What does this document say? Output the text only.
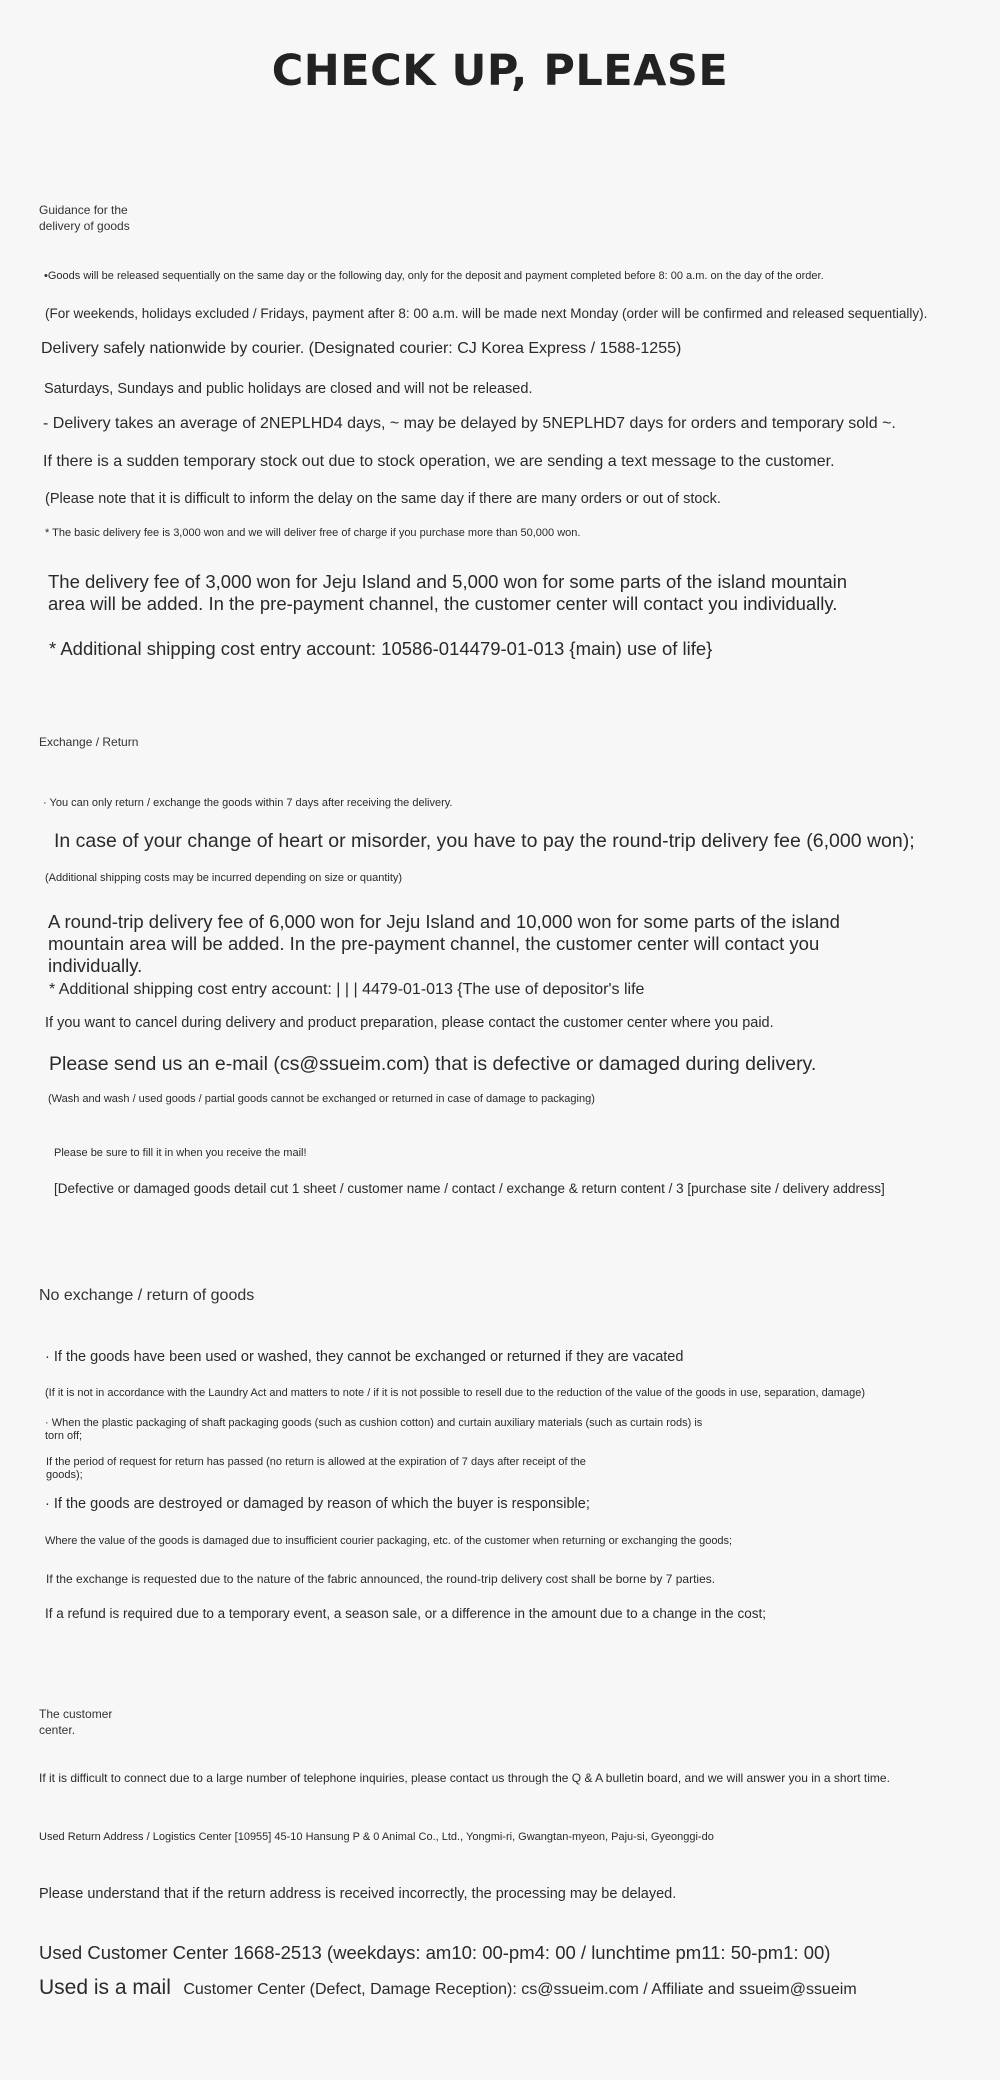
CHECK UP, PLEASE
Guidance for the delivery of goods
•Goods will be released sequentially on the same day or the following day, only for the deposit and payment completed before 8: 00 a.m. on the day of the order.
(For weekends, holidays excluded / Fridays, payment after 8: 00 a.m. will be made next Monday (order will be confirmed and released sequentially).
Delivery safely nationwide by courier. (Designated courier: CJ Korea Express / 1588-1255)
Saturdays, Sundays and public holidays are closed and will not be released.
- Delivery takes an average of 2NEPLHD4 days, ~ may be delayed by 5NEPLHD7 days for orders and temporary sold ~.
If there is a sudden temporary stock out due to stock operation, we are sending a text message to the customer.
(Please note that it is difficult to inform the delay on the same day if there are many orders or out of stock.
* The basic delivery fee is 3,000 won and we will deliver free of charge if you purchase more than 50,000 won.
The delivery fee of 3,000 won for Jeju Island and 5,000 won for some parts of the island mountain area will be added. In the pre-payment channel, the customer center will contact you individually.
* Additional shipping cost entry account: 10586-014479-01-013 {main) use of life}
Exchange / Return
· You can only return / exchange the goods within 7 days after receiving the delivery.
In case of your change of heart or misorder, you have to pay the round-trip delivery fee (6,000 won);
(Additional shipping costs may be incurred depending on size or quantity)
A round-trip delivery fee of 6,000 won for Jeju Island and 10,000 won for some parts of the island mountain area will be added. In the pre-payment channel, the customer center will contact you individually.
* Additional shipping cost entry account: | | | 4479-01-013 {The use of depositor's life
If you want to cancel during delivery and product preparation, please contact the customer center where you paid.
Please send us an e-mail (cs@ssueim.com) that is defective or damaged during delivery.
(Wash and wash / used goods / partial goods cannot be exchanged or returned in case of damage to packaging)
Please be sure to fill it in when you receive the mail!
[Defective or damaged goods detail cut 1 sheet / customer name / contact / exchange & return content / 3 [purchase site / delivery address]
No exchange / return of goods
· If the goods have been used or washed, they cannot be exchanged or returned if they are vacated
(If it is not in accordance with the Laundry Act and matters to note / if it is not possible to resell due to the reduction of the value of the goods in use, separation, damage)
· When the plastic packaging of shaft packaging goods (such as cushion cotton) and curtain auxiliary materials (such as curtain rods) is torn off;
If the period of request for return has passed (no return is allowed at the expiration of 7 days after receipt of the goods);
· If the goods are destroyed or damaged by reason of which the buyer is responsible;
Where the value of the goods is damaged due to insufficient courier packaging, etc. of the customer when returning or exchanging the goods;
If the exchange is requested due to the nature of the fabric announced, the round-trip delivery cost shall be borne by 7 parties.
If a refund is required due to a temporary event, a season sale, or a difference in the amount due to a change in the cost;
The customer center.
If it is difficult to connect due to a large number of telephone inquiries, please contact us through the Q & A bulletin board, and we will answer you in a short time.
Used Return Address / Logistics Center [10955] 45-10 Hansung P & 0 Animal Co., Ltd., Yongmi-ri, Gwangtan-myeon, Paju-si, Gyeonggi-do
Please understand that if the return address is received incorrectly, the processing may be delayed.
Used Customer Center 1668-2513 (weekdays: am10: 00-pm4: 00 / lunchtime pm11: 50-pm1: 00)
Used is a mail Customer Center (Defect, Damage Reception): cs@ssueim.com / Affiliate and ssueim@ssueim
